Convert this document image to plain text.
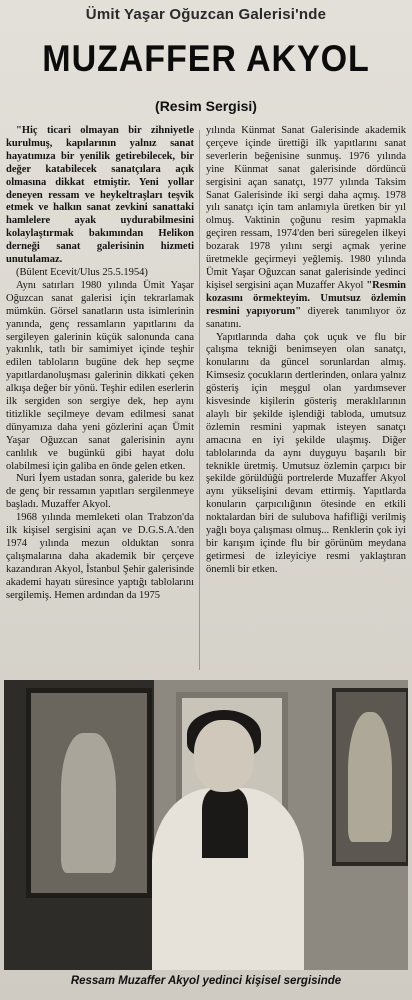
Ümit Yaşar Oğuzcan Galerisi'nde
MUZAFFER AKYOL
(Resim Sergisi)

"Hiç ticari olmayan bir zihniyetle kurulmuş, kapılarının yalnız sanat hayatımıza bir yenilik getirebilecek, bir değer katabilecek sanatçılara açık olmasına dikkat etmiştir. Yeni yollar deneyen ressam ve heykeltraşları teşvik etmek ve halkın sanat zevkini sanattaki hamlelere ayak uydurabilmesini kolaylaştırmak bakımından Helikon derneği sanat galerisinin hizmeti unutulamaz.

(Bülent Ecevit/Ulus 25.5.1954)

Aynı satırları 1980 yılında Ümit Yaşar Oğuzcan sanat galerisi için tekrarlamak mümkün. Görsel sanatların usta isimlerinin yanında, genç ressamların yapıtlarını da sergileyen galerinin küçük salonunda cana yakınlık, tatlı bir samimiyet içinde teşhir edilen tabloların bugüne dek hep seçme yapıtlardanoluşması galerinin dikkati çeken alkışa değer bir yönü. Teşhir edilen eserlerin ilk sergiden son sergiye dek, hep aynı titizlikle seçilmeye devam edilmesi sanat dünyamıza daha yeni gözlerini açan Ümit Yaşar Oğuzcan sanat galerisinin aynı canlılık ve bugünkü gibi hayat dolu olabilmesi için galiba en önde gelen etken.

Nuri İyem ustadan sonra, galeride bu kez de genç bir ressamın yapıtları sergilenmeye başladı. Muzaffer Akyol.

1968 yılında memleketi olan Trabzon'da ilk kişisel sergisini açan ve D.G.S.A.'den 1974 yılında mezun olduktan sonra çalışmalarına daha akademik bir çerçeve kazandıran Akyol, İstanbul Şehir galerisinde akademi hayatı süresince yaptığı tablolarını sergilemiş. Hemen ardından da 1975

yılında Künmat Sanat Galerisinde akademik çerçeve içinde ürettiği ilk yapıtlarını sanat severlerin beğenisine sunmuş. 1976 yılında yine Künmat sanat galerisinde dördüncü sergisini açan sanatçı, 1977 yılında Taksim Sanat Galerisinde iki sergi daha açmış. 1978 yılı sanatçı için tam anlamıyla üretken bir yıl olmuş. Vaktinin çoğunu resim yapmakla geçiren ressam, 1974'den beri süregelen ilkeyi bozarak 1978 yılını sergi açmak yerine üretmekle geçirmeyi yeğlemiş. 1980 yılında Ümit Yaşar Oğuzcan sanat galerisinde yedinci kişisel sergisini açan Muzaffer Akyol "Resmin kozasını örmekteyim. Umutsuz özlemin resmini yapıyorum" diyerek tanımlıyor öz sanatını.

Yapıtlarında daha çok uçuk ve flu bir çalışma tekniği benimseyen olan sanatçı, konularını da güncel sorunlardan almış. Kimsesiz çocukların dertlerinden, onlara yalnız gösteriş için meşgul olan yardımsever kisvesinde kişilerin gösteriş meraklılarının alaylı bir şekilde işlendiği tabloda, umutsuz özlemin resmini yapmak isteyen sanatçı amacına en iyi şekilde ulaşmış. Diğer tablolarında da aynı duyguyu başarılı bir teknikle üretmiş. Umutsuz özlemin çarpıcı bir şekilde görüldüğü portrelerde Muzaffer Akyol aynı yükselişini devam ettirmiş. Yapıtlarda konuların çarpıcılığının ötesinde en etkili noktalardan biri de sulubova hafifliği verilmiş yağlı boya çalışması olmuş... Renklerin çok iyi bir karışım içinde flu bir görünüm meydana getirmesi de izleyiciye resmi yaklaştıran önemli bir etken.

Ressam Muzaffer Akyol yedinci kişisel sergisinde
